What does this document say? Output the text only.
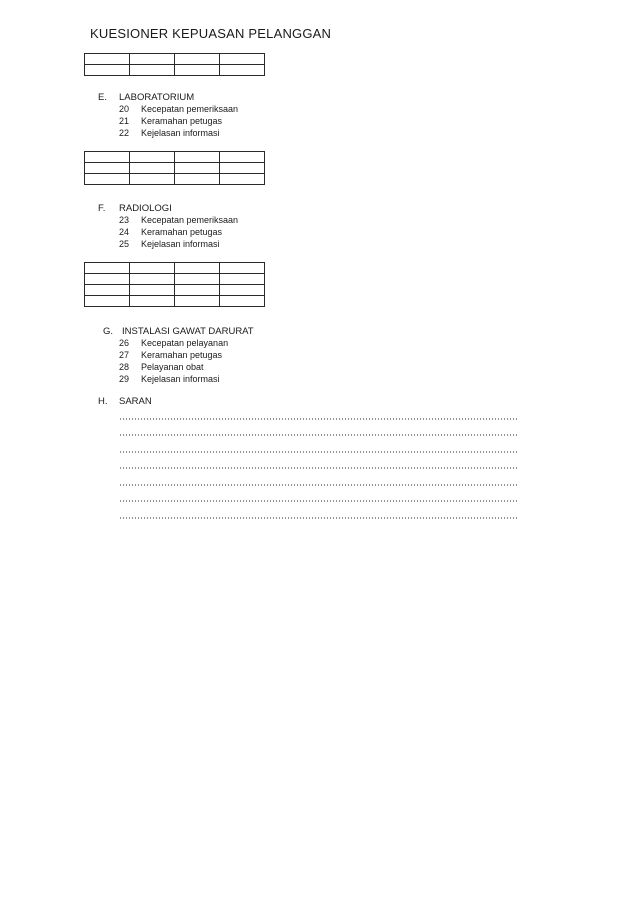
KUESIONER KEPUASAN PELANGGAN

E. LABORATORIUM
20 Kecepatan pemeriksaan
21 Keramahan petugas
22 Kejelasan informasi

F. RADIOLOGI
23 Kecepatan pemeriksaan
24 Keramahan petugas
25 Kejelasan informasi

G. INSTALASI GAWAT DARURAT
26 Kecepatan pelayanan
27 Keramahan petugas
28 Pelayanan obat
29 Kejelasan informasi
H. SARAN
